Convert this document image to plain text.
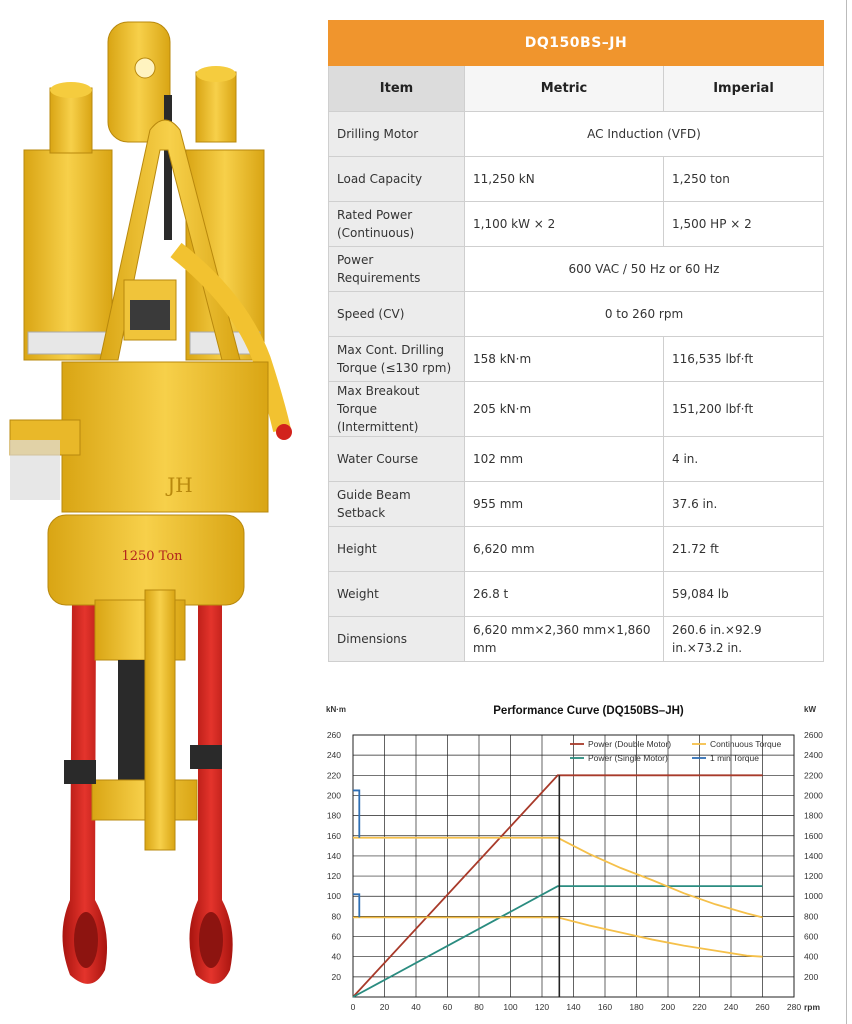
JH
1250 Ton
DQ150BS–JH		
Item	Metric	Imperial
Drilling Motor	AC Induction (VFD)	
Load Capacity	11,250 kN	1,250 ton
Rated Power (Continuous)	1,100 kW × 2	1,500 HP × 2
Power Requirements	600 VAC / 50 Hz or 60 Hz	
Speed (CV)	0 to 260 rpm	
Max Cont. Drilling Torque (≤130 rpm)	158 kN·m	116,535 lbf·ft
Max Breakout Torque (Intermittent)	205 kN·m	151,200 lbf·ft
Water Course	102 mm	4 in.
Guide Beam Setback	955 mm	37.6 in.
Height	6,620 mm	21.72 ft
Weight	26.8 t	59,084 lb
Dimensions	6,620 mm×2,360 mm×1,860 mm	260.6 in.×92.9 in.×73.2 in.
0	20	40	60	80 100 120 140 160 180 200 220 240 260 280
20
40
60
80
100
120
140
160
180
200
220
240
260
200
400
600
800
1000
1200
1400
1600
1800
2000
2200
2400
2600
kN·m	kW
rpm
Performance Curve (DQ150BS–JH)
Power (Double Motor)
Power (Single Motor)
Continuous Torque
1 min Torque
